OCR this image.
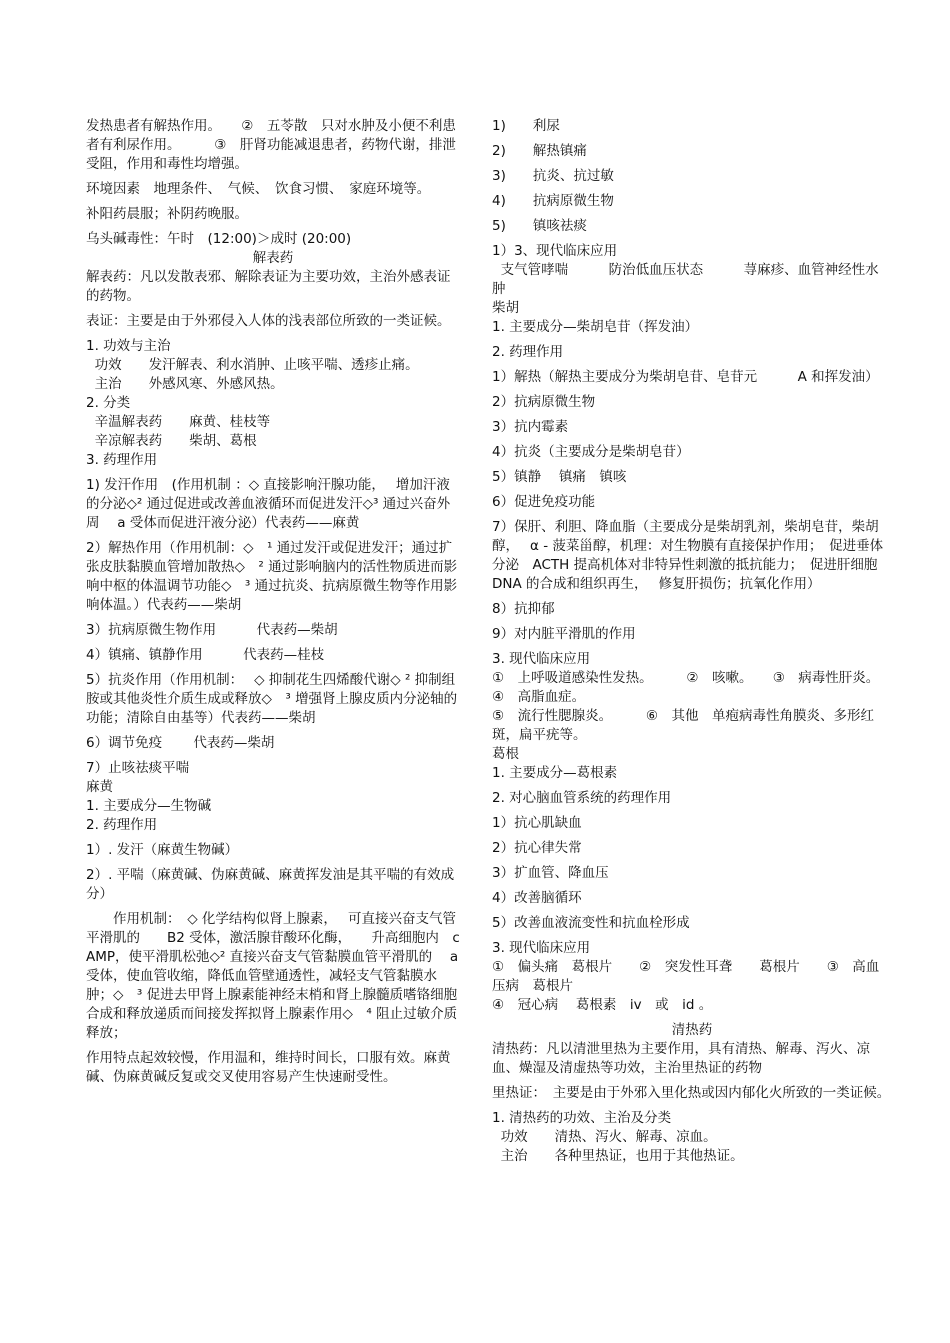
发热患者有解热作用。　　②　五苓散　只对水肿及小便不利患者有利尿作用。　　　③　肝肾功能减退患者，药物代谢，排泄受阻，作用和毒性均增强。

环境因素　地理条件、　气候、　饮食习惯、　家庭环境等。

补阳药晨服；补阴药晚服。

乌头碱毒性：午时　(12:00)＞成时 (20:00)

解表药

解表药：凡以发散表邪、解除表证为主要功效，主治外感表证的药物。

表证：主要是由于外邪侵入人体的浅表部位所致的一类证候。

1. 功效与主治

功效　　发汗解表、利水消肿、止咳平喘、透疹止痛。

主治　　外感风寒、外感风热。

2. 分类

辛温解表药　　麻黄、桂枝等

辛凉解表药　　柴胡、葛根

3. 药理作用

1) 发汗作用　(作用机制 ：◇ 直接影响汗腺功能，　 增加汗液的分泌◇² 通过促进或改善血液循环而促进发汗◇³ 通过兴奋外周　 a 受体而促进汗液分泌）代表药——麻黄

2）解热作用（作用机制：◇　¹ 通过发汗或促进发汗；通过扩张皮肤黏膜血管增加散热◇　² 通过影响脑内的活性物质进而影响中枢的体温调节功能◇　³ 通过抗炎、抗病原微生物等作用影响体温。）代表药——柴胡

3）抗病原微生物作用　　　代表药—柴胡

4）镇痛、镇静作用　　　代表药—桂枝

5）抗炎作用（作用机制：　 ◇ 抑制花生四烯酸代谢◇ ² 抑制组胺或其他炎性介质生成或释放◇　³ 增强肾上腺皮质内分泌轴的功能；清除自由基等）代表药——柴胡

6）调节免疫　　 代表药—柴胡

7）止咳祛痰平喘

麻黄

1. 主要成分—生物碱

2. 药理作用

1）. 发汗（麻黄生物碱）

2）. 平喘（麻黄碱、伪麻黄碱、麻黄挥发油是其平喘的有效成分）

　　作用机制：　◇ 化学结构似肾上腺素，　 可直接兴奋支气管平滑肌的　　B2 受体，激活腺苷酸环化酶，　　升高细胞内　cAMP，使平滑肌松弛◇² 直接兴奋支气管黏膜血管平滑肌的　 a 受体，使血管收缩，降低血管壁通透性，减轻支气管黏膜水肿；◇　³ 促进去甲肾上腺素能神经末梢和肾上腺髓质嗜铬细胞合成和释放递质而间接发挥拟肾上腺素作用◇　⁴ 阻止过敏介质释放；

作用特点起效较慢，作用温和，维持时间长，口服有效。麻黄碱、伪麻黄碱反复或交叉使用容易产生快速耐受性。

1)　　利尿

2)　　解热镇痛

3)　　抗炎、抗过敏

4)　　抗病原微生物

5)　　镇咳祛痰

1）3、现代临床应用

支气管哮喘　　　防治低血压状态　　　荨麻疹、血管神经性水肿

柴胡

1. 主要成分—柴胡皂苷（挥发油）

2. 药理作用

1）解热（解热主要成分为柴胡皂苷、皂苷元　　　A 和挥发油）

2）抗病原微生物

3）抗内霉素

4）抗炎（主要成分是柴胡皂苷）

5）镇静　 镇痛　镇咳

6）促进免疫功能

7）保肝、利胆、降血脂（主要成分是柴胡乳剂，柴胡皂苷，柴胡醇，　 α - 菠菜甾醇，机理：对生物膜有直接保护作用；　促进垂体分泌　ACTH 提高机体对非特异性刺激的抵抗能力；　促进肝细胞　DNA 的合成和组织再生，　 修复肝损伤；抗氧化作用）

8）抗抑郁

9）对内脏平滑肌的作用

3. 现代临床应用

①　上呼吸道感染性发热。　　　②　咳嗽。　　③　病毒性肝炎。　④　高脂血症。

⑤　流行性腮腺炎。　　　⑥　其他　单疱病毒性角膜炎、多形红斑，扁平疣等。

葛根

1. 主要成分—葛根素

2. 对心脑血管系统的药理作用

1）抗心肌缺血

2）抗心律失常

3）扩血管、降血压

4）改善脑循环

5）改善血液流变性和抗血栓形成

3. 现代临床应用

①　偏头痛　葛根片　　②　突发性耳聋　　葛根片　　③　高血压病　葛根片

④　冠心病　 葛根素　iv　或　id 。

清热药

清热药：凡以清泄里热为主要作用，具有清热、解毒、泻火、凉血、燥湿及清虚热等功效，主治里热证的药物

里热证：　主要是由于外邪入里化热或因内郁化火所致的一类证候。

1. 清热药的功效、主治及分类

功效　　清热、泻火、解毒、凉血。

主治　　各种里热证，也用于其他热证。
